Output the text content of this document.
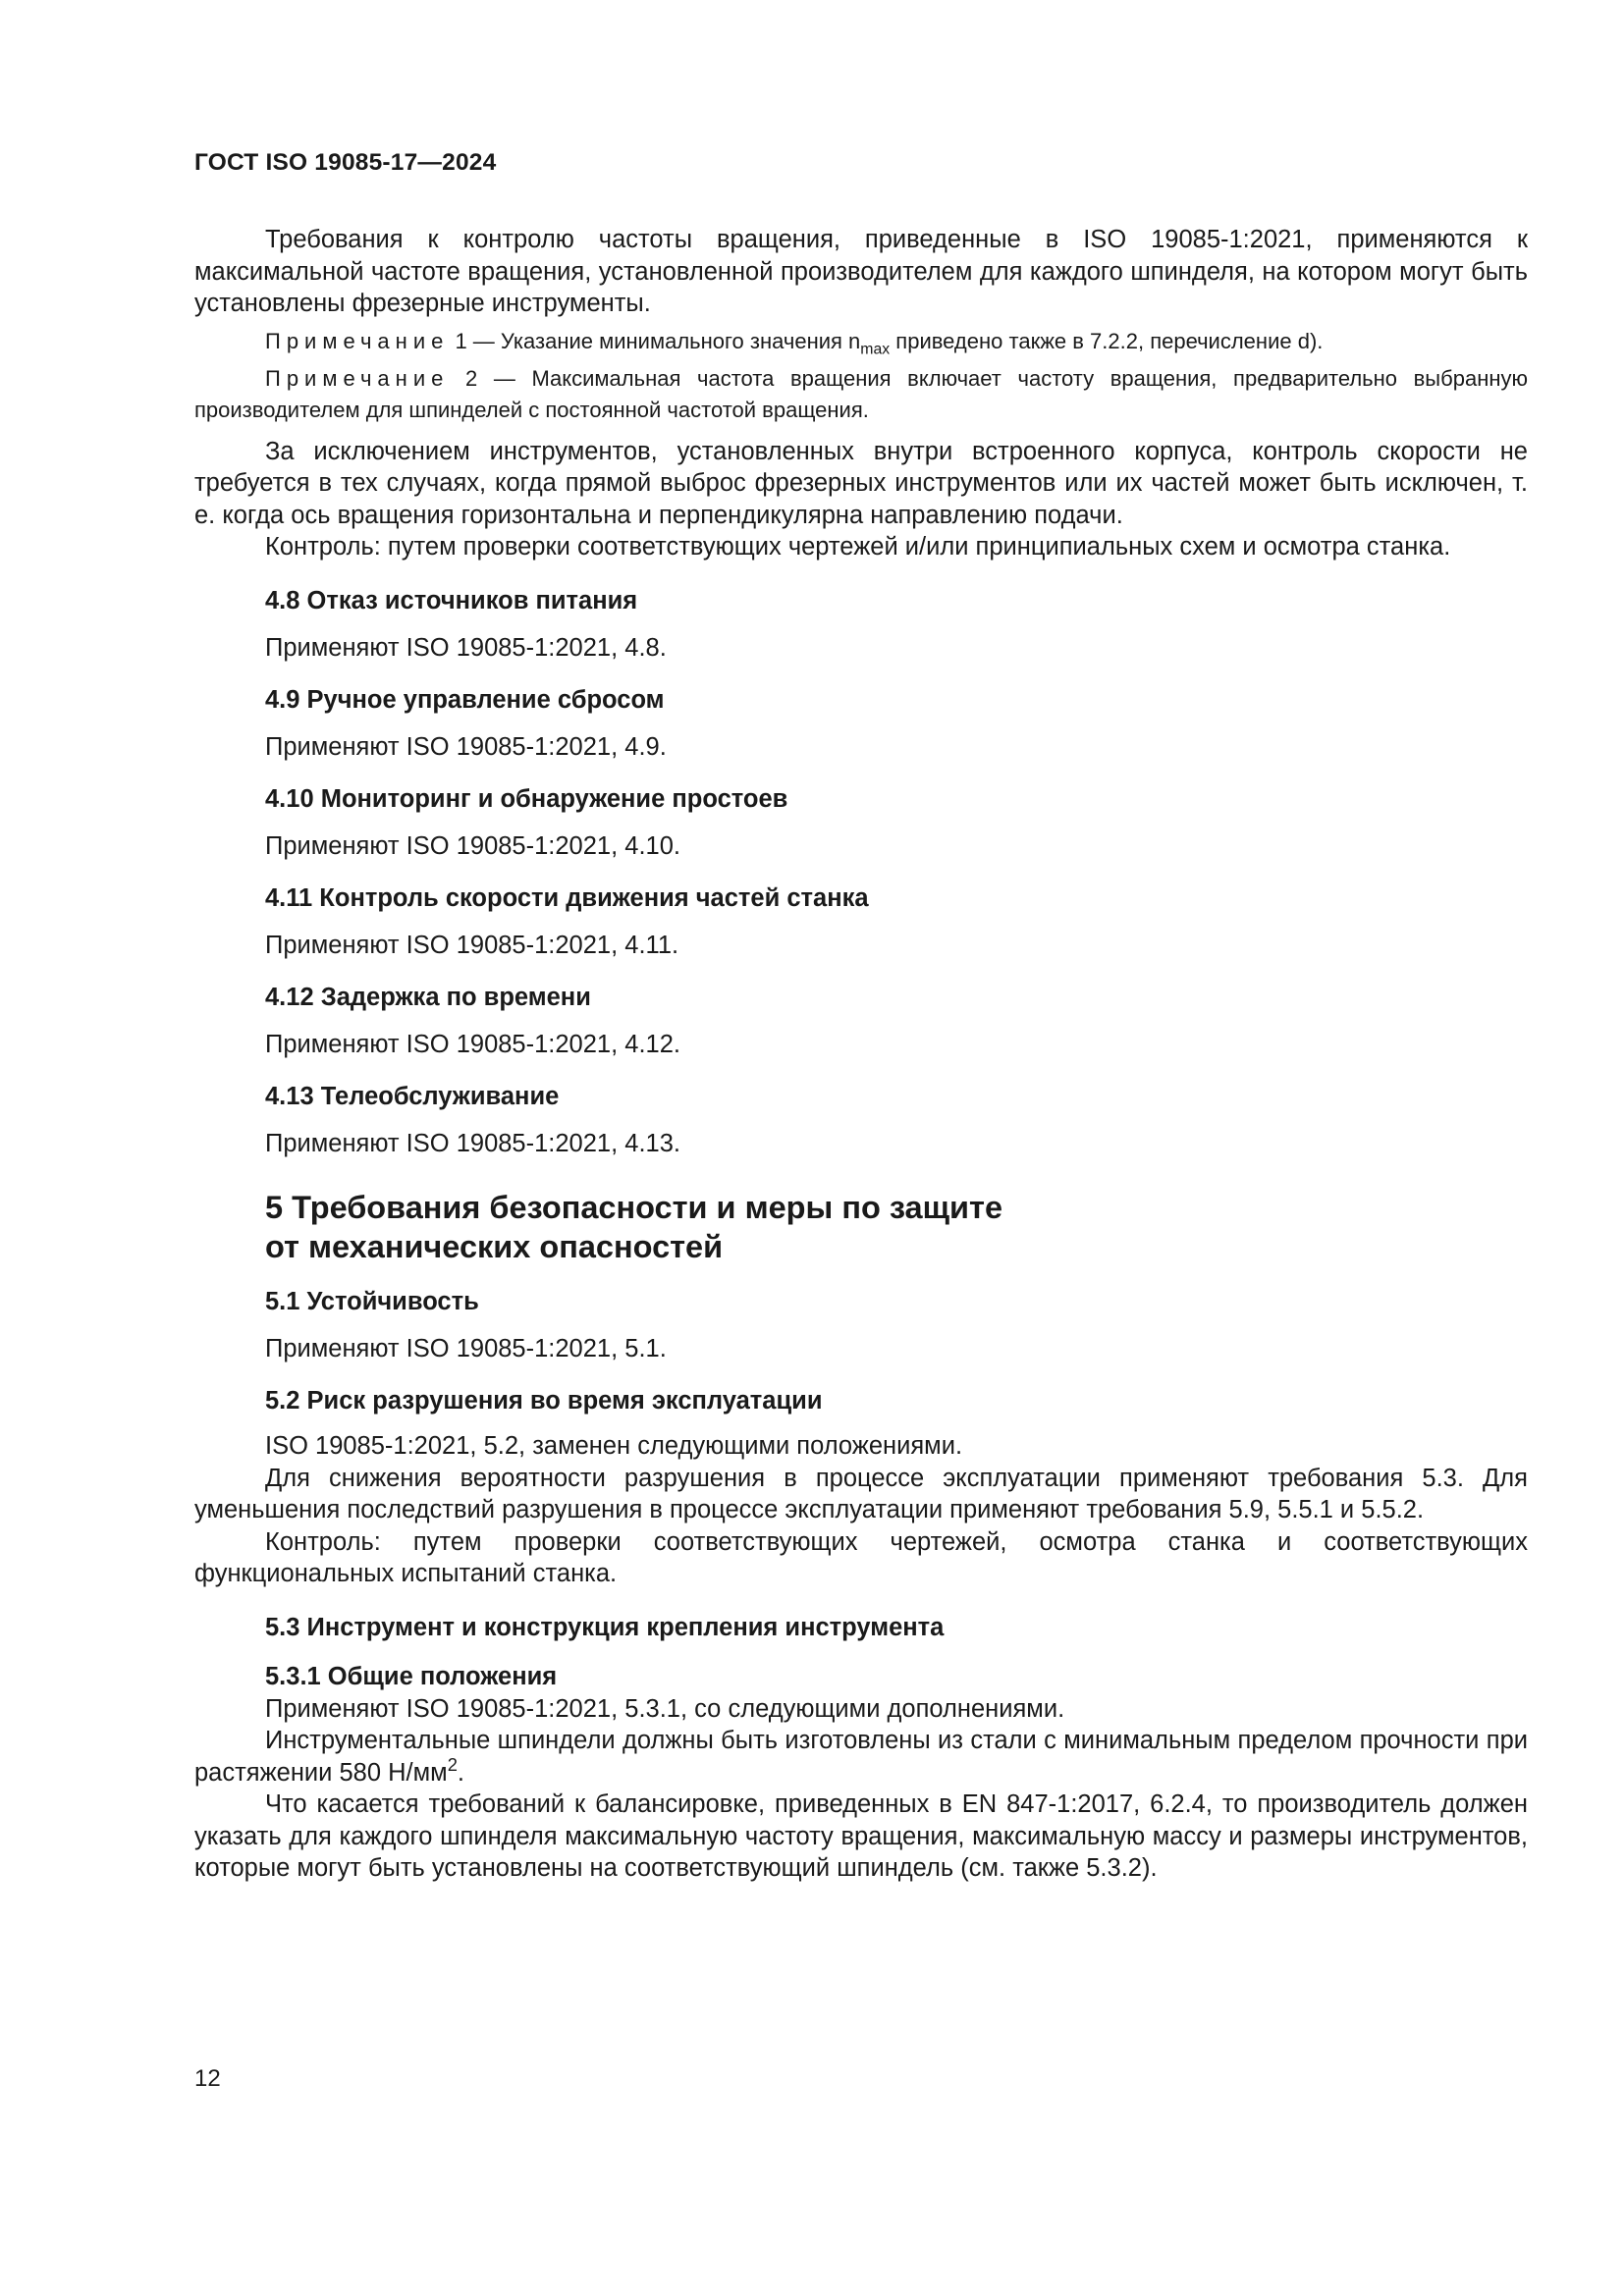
ГОСТ ISO 19085-17—2024

Требования к контролю частоты вращения, приведенные в ISO 19085-1:2021, применяются к максимальной частоте вращения, установленной производителем для каждого шпинделя, на котором могут быть установлены фрезерные инструменты.

Примечание 1 — Указание минимального значения $n_{max}$ приведено также в 7.2.2, перечисление d).

Примечание 2 — Максимальная частота вращения включает частоту вращения, предварительно выбранную производителем для шпинделей с постоянной частотой вращения.

За исключением инструментов, установленных внутри встроенного корпуса, контроль скорости не требуется в тех случаях, когда прямой выброс фрезерных инструментов или их частей может быть исключен, т. е. когда ось вращения горизонтальна и перпендикулярна направлению подачи.

Контроль: путем проверки соответствующих чертежей и/или принципиальных схем и осмотра станка.

4.8 Отказ источников питания

Применяют ISO 19085-1:2021, 4.8.

4.9 Ручное управление сбросом

Применяют ISO 19085-1:2021, 4.9.

4.10 Мониторинг и обнаружение простоев

Применяют ISO 19085-1:2021, 4.10.

4.11 Контроль скорости движения частей станка

Применяют ISO 19085-1:2021, 4.11.

4.12 Задержка по времени

Применяют ISO 19085-1:2021, 4.12.

4.13 Телеобслуживание

Применяют ISO 19085-1:2021, 4.13.

5 Требования безопасности и меры по защите

от механических опасностей

5.1 Устойчивость

Применяют ISO 19085-1:2021, 5.1.

5.2 Риск разрушения во время эксплуатации

ISO 19085-1:2021, 5.2, заменен следующими положениями.

Для снижения вероятности разрушения в процессе эксплуатации применяют требования 5.3. Для уменьшения последствий разрушения в процессе эксплуатации применяют требования 5.9, 5.5.1 и 5.5.2.

Контроль: путем проверки соответствующих чертежей, осмотра станка и соответствующих функциональных испытаний станка.

5.3 Инструмент и конструкция крепления инструмента

5.3.1 Общие положения

Применяют ISO 19085-1:2021, 5.3.1, со следующими дополнениями.

Инструментальные шпиндели должны быть изготовлены из стали с минимальным пределом прочности при растяжении 580 $Н/мм^2$.

Что касается требований к балансировке, приведенных в EN 847-1:2017, 6.2.4, то производитель должен указать для каждого шпинделя максимальную частоту вращения, максимальную массу и размеры инструментов, которые могут быть установлены на соответствующий шпиндель (см. также 5.3.2).

12
